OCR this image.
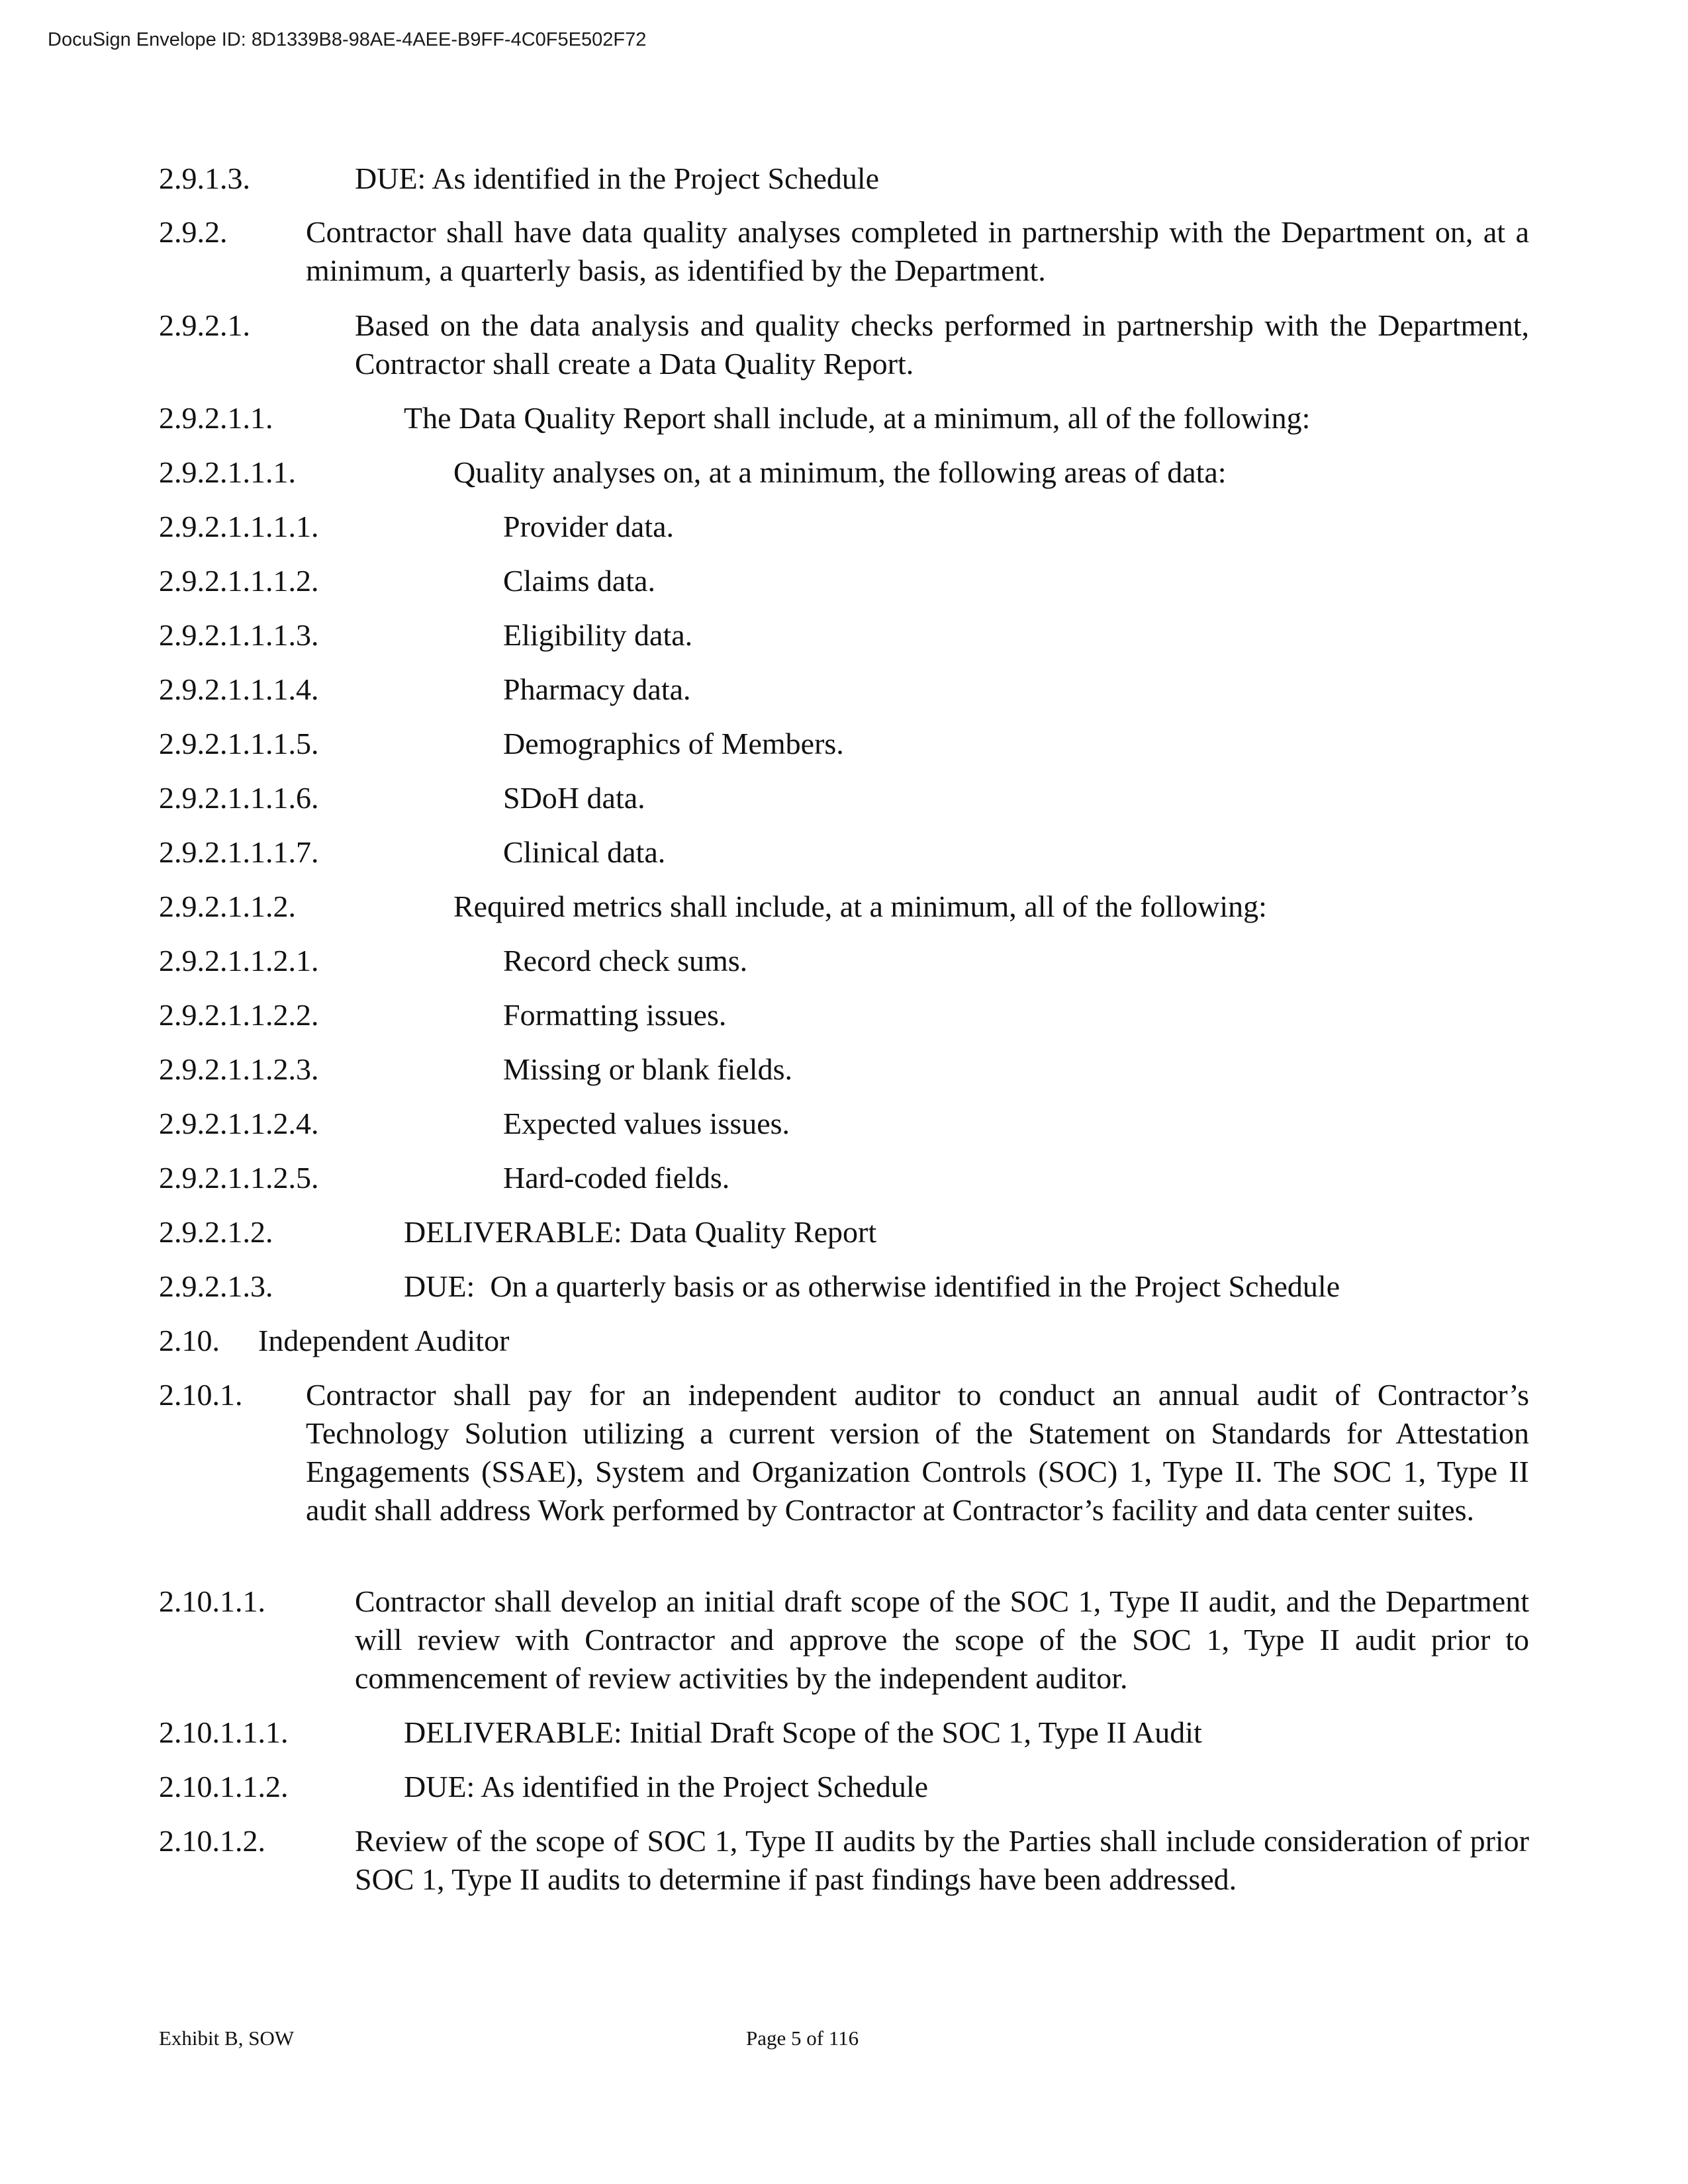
DocuSign Envelope ID: 8D1339B8-98AE-4AEE-B9FF-4C0F5E502F72
2.9.1.3.	DUE: As identified in the Project Schedule
2.9.2.	Contractor shall have data quality analyses completed in partnership with the Department on, at a minimum, a quarterly basis, as identified by the Department.
2.9.2.1.	Based on the data analysis and quality checks performed in partnership with the Department, Contractor shall create a Data Quality Report.
2.9.2.1.1.	The Data Quality Report shall include, at a minimum, all of the following:
2.9.2.1.1.1.	Quality analyses on, at a minimum, the following areas of data:
2.9.2.1.1.1.1.	Provider data.
2.9.2.1.1.1.2.	Claims data.
2.9.2.1.1.1.3.	Eligibility data.
2.9.2.1.1.1.4.	Pharmacy data.
2.9.2.1.1.1.5.	Demographics of Members.
2.9.2.1.1.1.6.	SDoH data.
2.9.2.1.1.1.7.	Clinical data.
2.9.2.1.1.2.	Required metrics shall include, at a minimum, all of the following:
2.9.2.1.1.2.1.	Record check sums.
2.9.2.1.1.2.2.	Formatting issues.
2.9.2.1.1.2.3.	Missing or blank fields.
2.9.2.1.1.2.4.	Expected values issues.
2.9.2.1.1.2.5.	Hard-coded fields.
2.9.2.1.2.	DELIVERABLE: Data Quality Report
2.9.2.1.3.	DUE:  On a quarterly basis or as otherwise identified in the Project Schedule
2.10. Independent Auditor
2.10.1. Contractor shall pay for an independent auditor to conduct an annual audit of Contractor’s Technology Solution utilizing a current version of the Statement on Standards for Attestation Engagements (SSAE), System and Organization Controls (SOC) 1, Type II. The SOC 1, Type II audit shall address Work performed by Contractor at Contractor’s facility and data center suites.
2.10.1.1.	Contractor shall develop an initial draft scope of the SOC 1, Type II audit, and the Department will review with Contractor and approve the scope of the SOC 1, Type II audit prior to commencement of review activities by the independent auditor.
2.10.1.1.1.	DELIVERABLE: Initial Draft Scope of the SOC 1, Type II Audit
2.10.1.1.2.	DUE: As identified in the Project Schedule
2.10.1.2.	Review of the scope of SOC 1, Type II audits by the Parties shall include consideration of prior SOC 1, Type II audits to determine if past findings have been addressed.
Exhibit B, SOW	Page 5 of 116
